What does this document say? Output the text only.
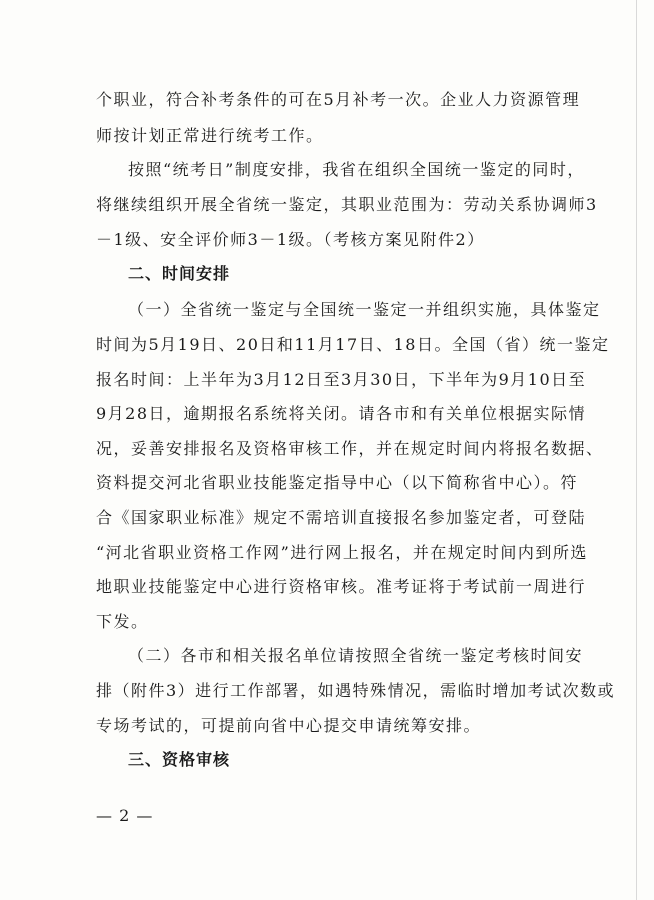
个职业，符合补考条件的可在5月补考一次。企业人力资源管理
师按计划正常进行统考工作。
按照“统考日”制度安排，我省在组织全国统一鉴定的同时，
将继续组织开展全省统一鉴定，其职业范围为：劳动关系协调师3
－1级、安全评价师3－1级。（考核方案见附件2）
二、时间安排
（一）全省统一鉴定与全国统一鉴定一并组织实施，具体鉴定
时间为5月19日、20日和11月17日、18日。全国（省）统一鉴定
报名时间：上半年为3月12日至3月30日，下半年为9月10日至
9月28日，逾期报名系统将关闭。请各市和有关单位根据实际情
况，妥善安排报名及资格审核工作，并在规定时间内将报名数据、
资料提交河北省职业技能鉴定指导中心（以下简称省中心）。符
合《国家职业标准》规定不需培训直接报名参加鉴定者，可登陆
“河北省职业资格工作网”进行网上报名，并在规定时间内到所选
地职业技能鉴定中心进行资格审核。准考证将于考试前一周进行
下发。
（二）各市和相关报名单位请按照全省统一鉴定考核时间安
排（附件3）进行工作部署，如遇特殊情况，需临时增加考试次数或
专场考试的，可提前向省中心提交申请统筹安排。
三、资格审核
— 2 —
